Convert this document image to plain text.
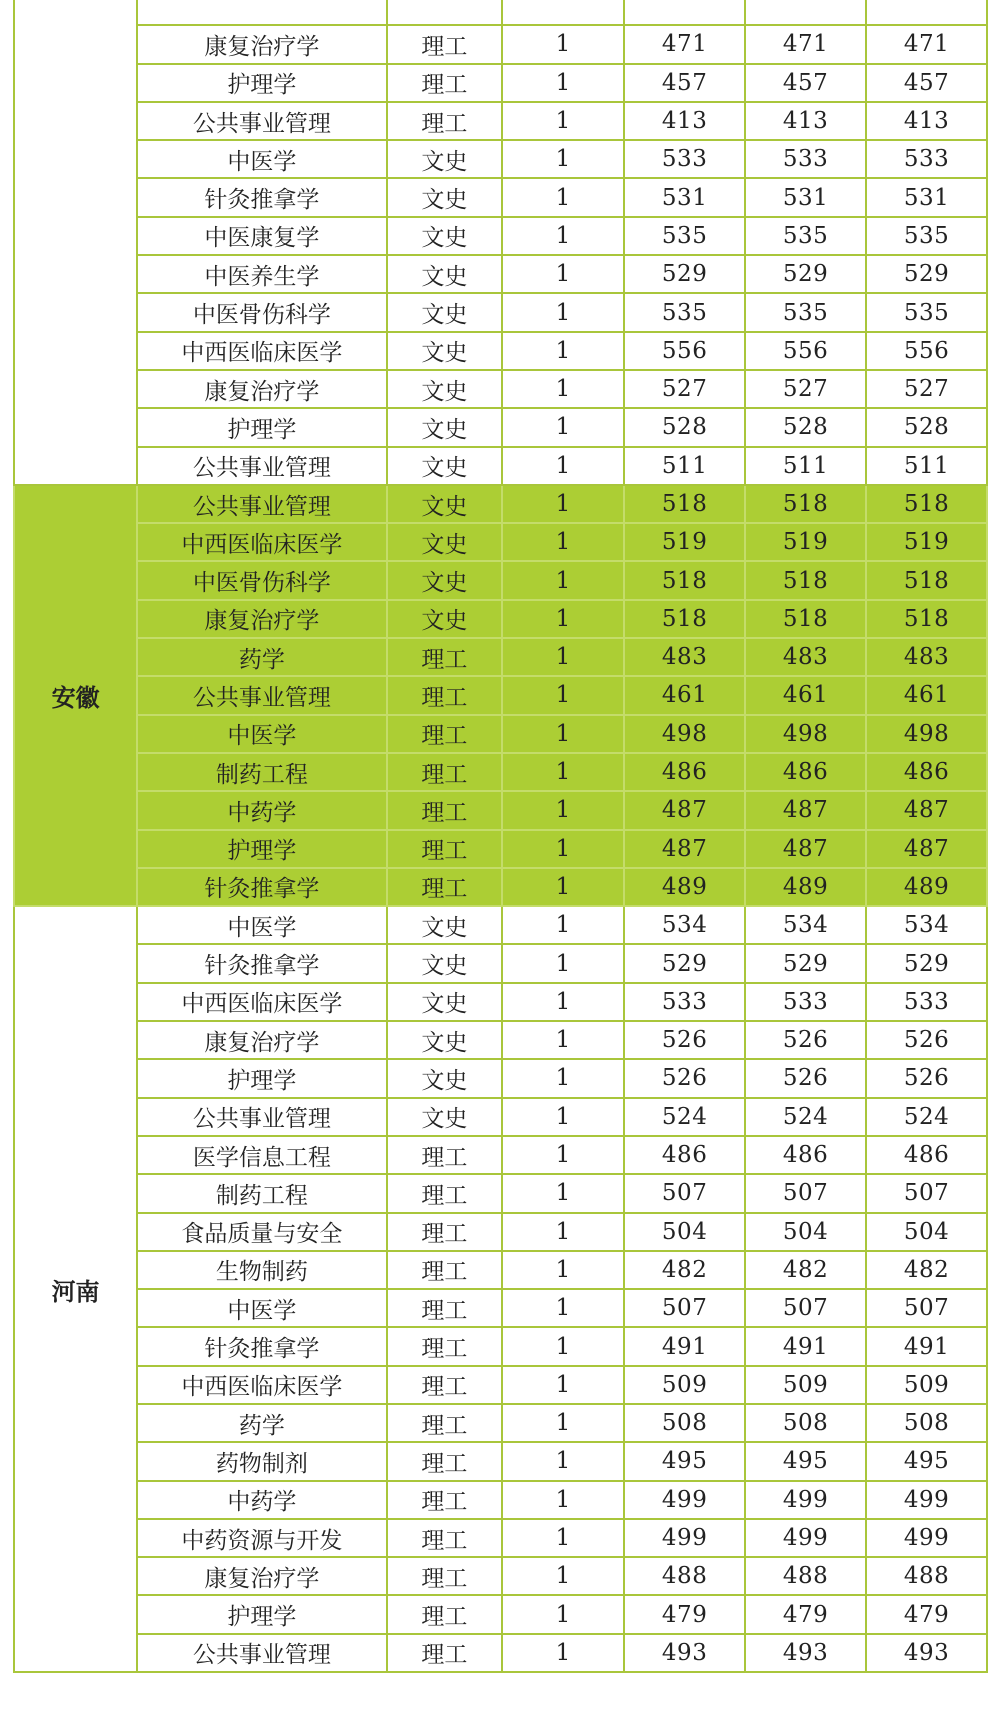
	康复治疗学	理工	1	471	471	471
	护理学	理工	1	457	457	457
	公共事业管理	理工	1	413	413	413
	中医学	文史	1	533	533	533
	针灸推拿学	文史	1	531	531	531
	中医康复学	文史	1	535	535	535
	中医养生学	文史	1	529	529	529
	中医骨伤科学	文史	1	535	535	535
	中西医临床医学	文史	1	556	556	556
	康复治疗学	文史	1	527	527	527
	护理学	文史	1	528	528	528
	公共事业管理	文史	1	511	511	511
安徽	公共事业管理	文史	1	518	518	518
	中西医临床医学	文史	1	519	519	519
	中医骨伤科学	文史	1	518	518	518
	康复治疗学	文史	1	518	518	518
	药学	理工	1	483	483	483
	公共事业管理	理工	1	461	461	461
	中医学	理工	1	498	498	498
	制药工程	理工	1	486	486	486
	中药学	理工	1	487	487	487
	护理学	理工	1	487	487	487
	针灸推拿学	理工	1	489	489	489
河南	中医学	文史	1	534	534	534
	针灸推拿学	文史	1	529	529	529
	中西医临床医学	文史	1	533	533	533
	康复治疗学	文史	1	526	526	526
	护理学	文史	1	526	526	526
	公共事业管理	文史	1	524	524	524
	医学信息工程	理工	1	486	486	486
	制药工程	理工	1	507	507	507
	食品质量与安全	理工	1	504	504	504
	生物制药	理工	1	482	482	482
	中医学	理工	1	507	507	507
	针灸推拿学	理工	1	491	491	491
	中西医临床医学	理工	1	509	509	509
	药学	理工	1	508	508	508
	药物制剂	理工	1	495	495	495
	中药学	理工	1	499	499	499
	中药资源与开发	理工	1	499	499	499
	康复治疗学	理工	1	488	488	488
	护理学	理工	1	479	479	479
	公共事业管理	理工	1	493	493	493
